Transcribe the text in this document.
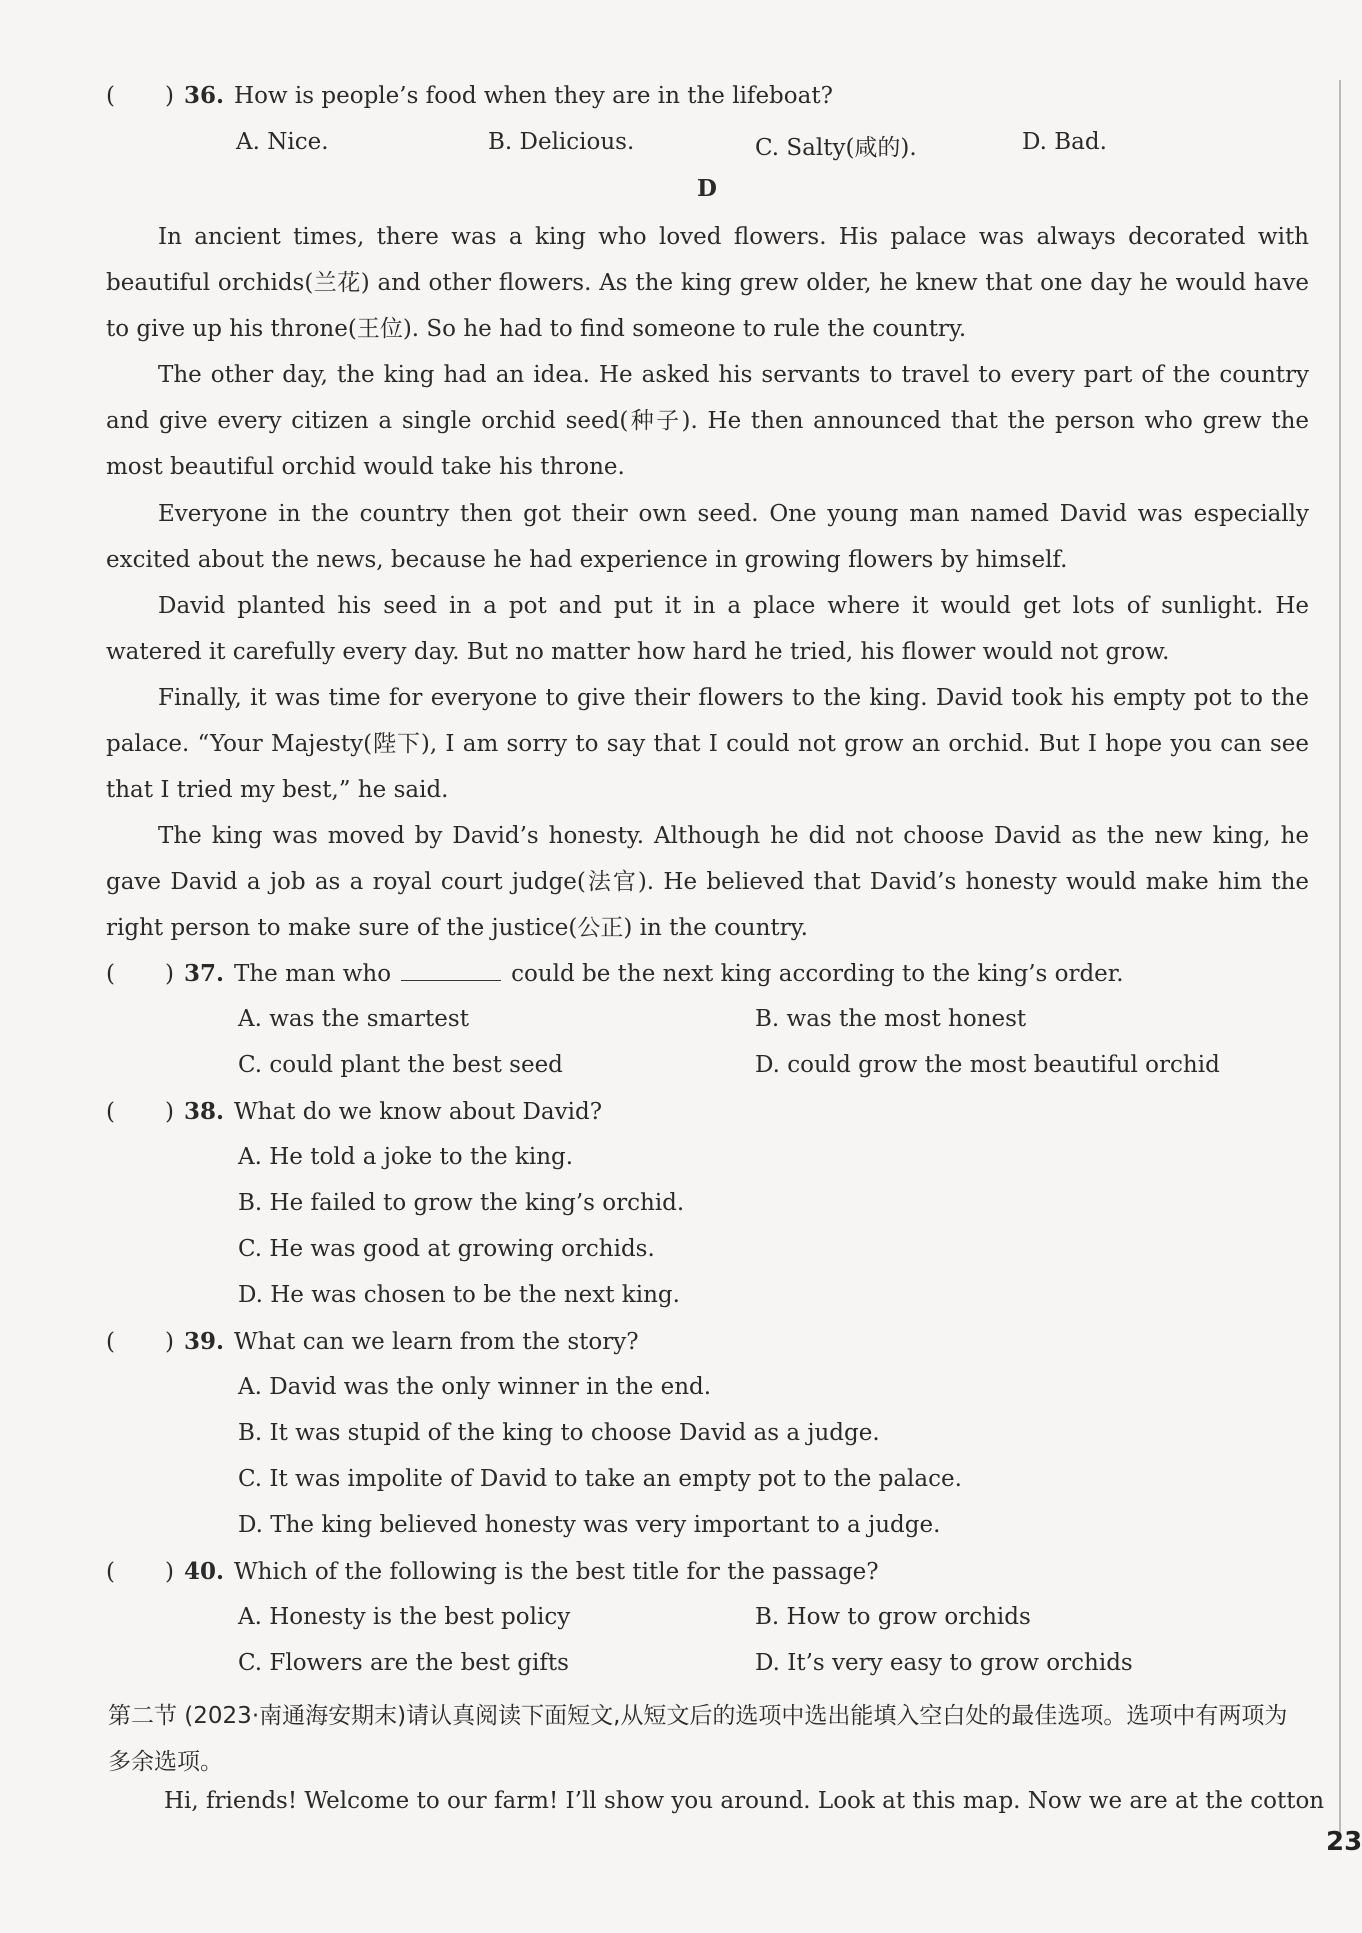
( ) 36. How is people’s food when they are in the lifeboat?
A. Nice.	B. Delicious.	C. Salty(咸的).	D. Bad.
D
In ancient times, there was a king who loved flowers. His palace was always decorated with beautiful orchids(兰花) and other flowers. As the king grew older, he knew that one day he would have to give up his throne(王位). So he had to find someone to rule the country.
The other day, the king had an idea. He asked his servants to travel to every part of the country and give every citizen a single orchid seed(种子). He then announced that the person who grew the most beautiful orchid would take his throne.
Everyone in the country then got their own seed. One young man named David was especially excited about the news, because he had experience in growing flowers by himself.
David planted his seed in a pot and put it in a place where it would get lots of sunlight. He watered it carefully every day. But no matter how hard he tried, his flower would not grow.
Finally, it was time for everyone to give their flowers to the king. David took his empty pot to the palace. “Your Majesty(陛下), I am sorry to say that I could not grow an orchid. But I hope you can see that I tried my best,” he said.
The king was moved by David’s honesty. Although he did not choose David as the new king, he gave David a job as a royal court judge(法官). He believed that David’s honesty would make him the right person to make sure of the justice(公正) in the country.
( ) 37. The man who	could be the next king according to the king’s order.
A. was the smartest	B. was the most honest
C. could plant the best seed	D. could grow the most beautiful orchid
( ) 38. What do we know about David?
A. He told a joke to the king.
B. He failed to grow the king’s orchid.
C. He was good at growing orchids.
D. He was chosen to be the next king.
( ) 39. What can we learn from the story?
A. David was the only winner in the end.
B. It was stupid of the king to choose David as a judge.
C. It was impolite of David to take an empty pot to the palace.
D. The king believed honesty was very important to a judge.
( ) 40. Which of the following is the best title for the passage?
A. Honesty is the best policy	B. How to grow orchids
C. Flowers are the best gifts	D. It’s very easy to grow orchids
第二节 (2023·南通海安期末)请认真阅读下面短文,从短文后的选项中选出能填入空白处的最佳选项。选项中有两项为多余选项。
Hi, friends! Welcome to our farm! I’ll show you around. Look at this map. Now we are at the cotton
23
